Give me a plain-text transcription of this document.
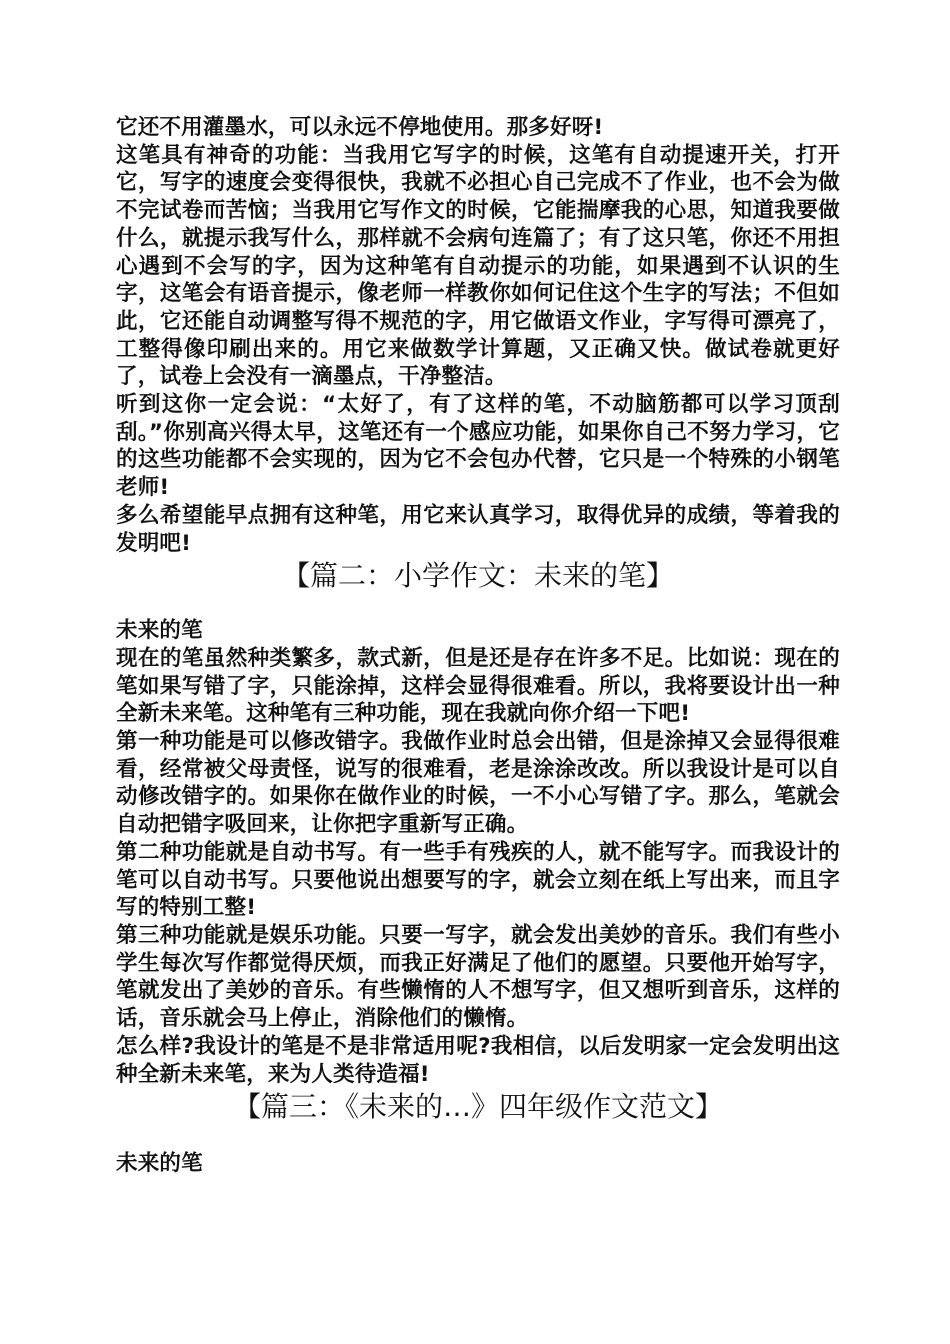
它还不用灌墨水，可以永远不停地使用。那多好呀!

这笔具有神奇的功能：当我用它写字的时候，这笔有自动提速开关，打开它，写字的速度会变得很快，我就不必担心自己完成不了作业，也不会为做不完试卷而苦恼；当我用它写作文的时候，它能揣摩我的心思，知道我要做什么，就提示我写什么，那样就不会病句连篇了；有了这只笔，你还不用担心遇到不会写的字，因为这种笔有自动提示的功能，如果遇到不认识的生字，这笔会有语音提示，像老师一样教你如何记住这个生字的写法；不但如此，它还能自动调整写得不规范的字，用它做语文作业，字写得可漂亮了，工整得像印刷出来的。用它来做数学计算题，又正确又快。做试卷就更好了，试卷上会没有一滴墨点，干净整洁。

听到这你一定会说：“太好了，有了这样的笔，不动脑筋都可以学习顶刮刮。”你别高兴得太早，这笔还有一个感应功能，如果你自己不努力学习，它的这些功能都不会实现的，因为它不会包办代替，它只是一个特殊的小钢笔老师!

多么希望能早点拥有这种笔，用它来认真学习，取得优异的成绩，等着我的发明吧!

【篇二：小学作文：未来的笔】

未来的笔

现在的笔虽然种类繁多，款式新，但是还是存在许多不足。比如说：现在的笔如果写错了字，只能涂掉，这样会显得很难看。所以，我将要设计出一种全新未来笔。这种笔有三种功能，现在我就向你介绍一下吧!

第一种功能是可以修改错字。我做作业时总会出错，但是涂掉又会显得很难看，经常被父母责怪，说写的很难看，老是涂涂改改。所以我设计是可以自动修改错字的。如果你在做作业的时候，一不小心写错了字。那么，笔就会自动把错字吸回来，让你把字重新写正确。

第二种功能就是自动书写。有一些手有残疾的人，就不能写字。而我设计的笔可以自动书写。只要他说出想要写的字，就会立刻在纸上写出来，而且字写的特别工整!

第三种功能就是娱乐功能。只要一写字，就会发出美妙的音乐。我们有些小学生每次写作都觉得厌烦，而我正好满足了他们的愿望。只要他开始写字，笔就发出了美妙的音乐。有些懒惰的人不想写字，但又想听到音乐，这样的话，音乐就会马上停止，消除他们的懒惰。

怎么样?我设计的笔是不是非常适用呢?我相信，以后发明家一定会发明出这种全新未来笔，来为人类待造福!

【篇三：《未来的…》四年级作文范文】

未来的笔
